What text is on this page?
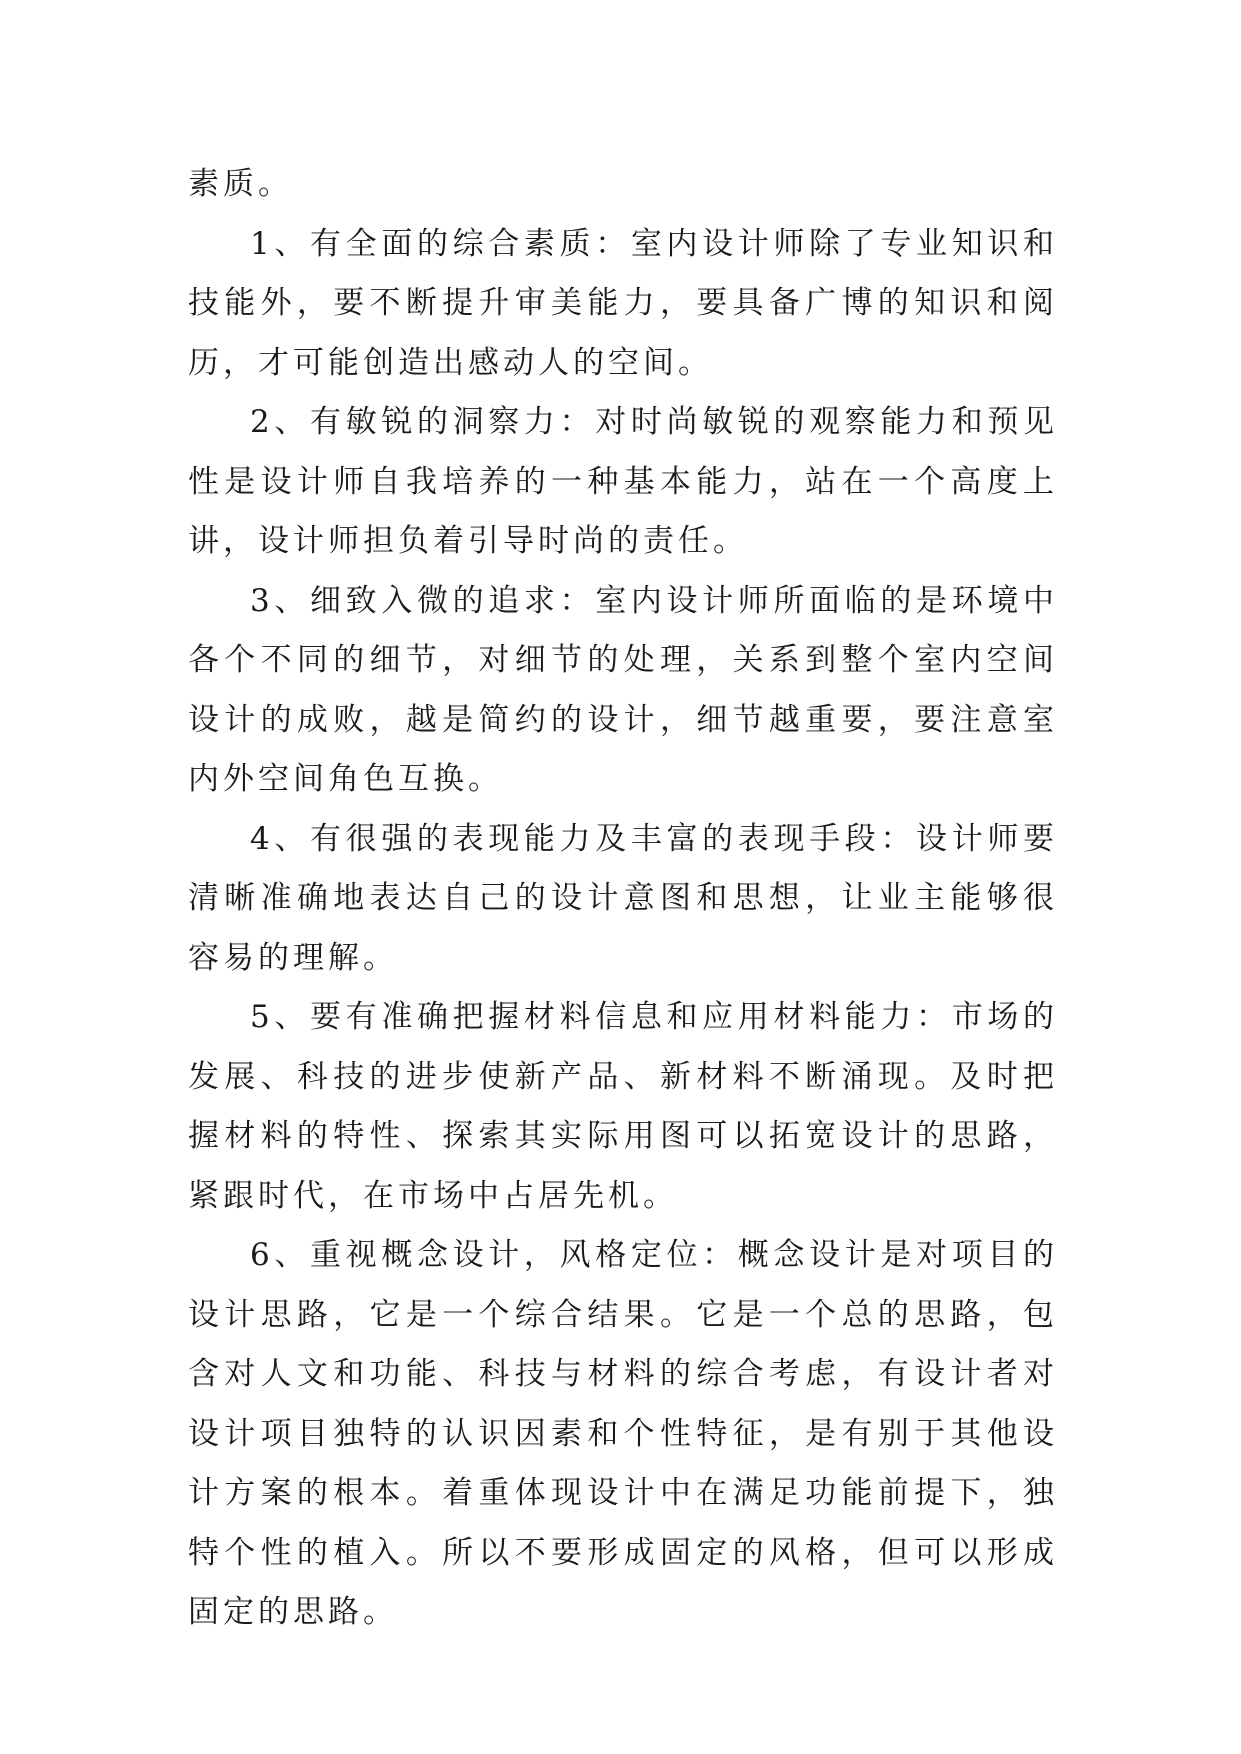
素质。

1、有全面的综合素质：室内设计师除了专业知识和技能外，要不断提升审美能力，要具备广博的知识和阅历，才可能创造出感动人的空间。

2、有敏锐的洞察力：对时尚敏锐的观察能力和预见性是设计师自我培养的一种基本能力，站在一个高度上讲，设计师担负着引导时尚的责任。

3、细致入微的追求：室内设计师所面临的是环境中各个不同的细节，对细节的处理，关系到整个室内空间设计的成败，越是简约的设计，细节越重要，要注意室内外空间角色互换。

4、有很强的表现能力及丰富的表现手段：设计师要清晰准确地表达自己的设计意图和思想，让业主能够很容易的理解。

5、要有准确把握材料信息和应用材料能力：市场的发展、科技的进步使新产品、新材料不断涌现。及时把握材料的特性、探索其实际用图可以拓宽设计的思路，紧跟时代，在市场中占居先机。

6、重视概念设计，风格定位：概念设计是对项目的设计思路，它是一个综合结果。它是一个总的思路，包含对人文和功能、科技与材料的综合考虑，有设计者对设计项目独特的认识因素和个性特征，是有别于其他设计方案的根本。着重体现设计中在满足功能前提下，独特个性的植入。所以不要形成固定的风格，但可以形成固定的思路。
